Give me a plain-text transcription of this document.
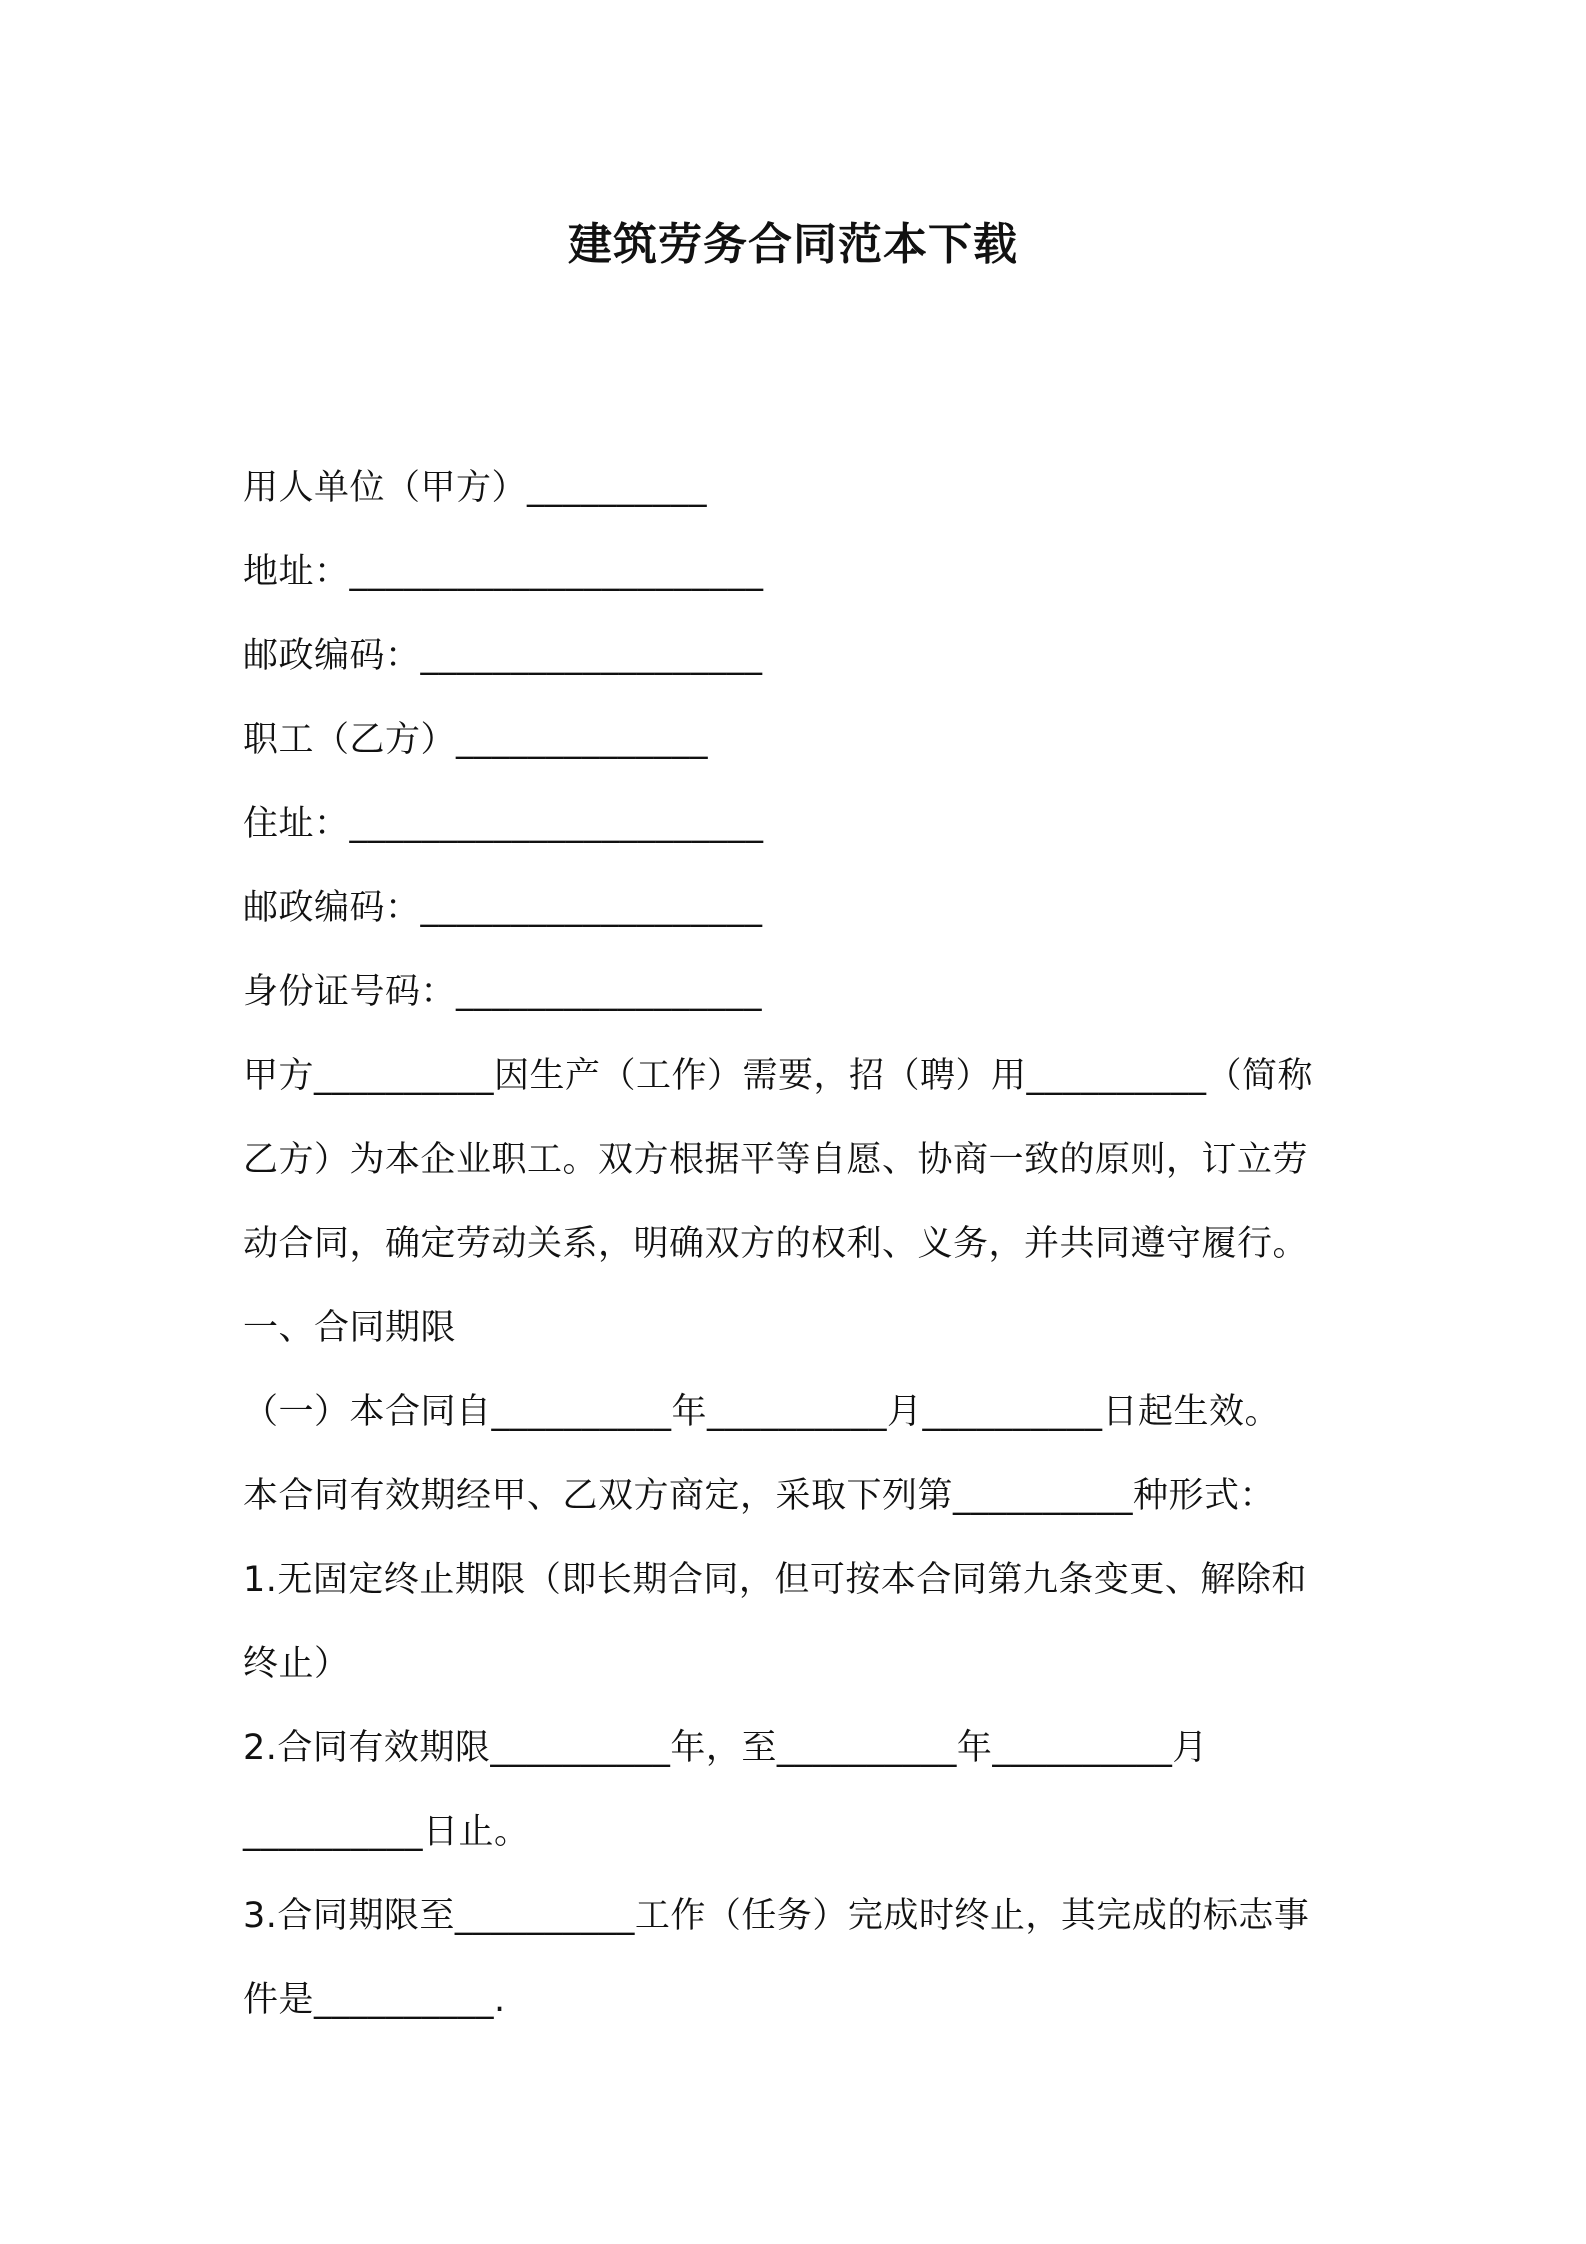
建筑劳务合同范本下载
用人单位（甲方）__________
地址：_______________________
邮政编码：___________________
职工（乙方）______________
住址：_______________________
邮政编码：___________________
身份证号码：_________________
甲方__________因生产（工作）需要，招（聘）用__________（简称
乙方）为本企业职工。双方根据平等自愿、协商一致的原则，订立劳
动合同，确定劳动关系，明确双方的权利、义务，并共同遵守履行。
一、合同期限
（一）本合同自__________年__________月__________日起生效。
本合同有效期经甲、乙双方商定，采取下列第__________种形式：
1.无固定终止期限（即长期合同，但可按本合同第九条变更、解除和
终止）
2.合同有效期限__________年，至__________年__________月
__________日止。
3.合同期限至__________工作（任务）完成时终止，其完成的标志事
件是__________.
